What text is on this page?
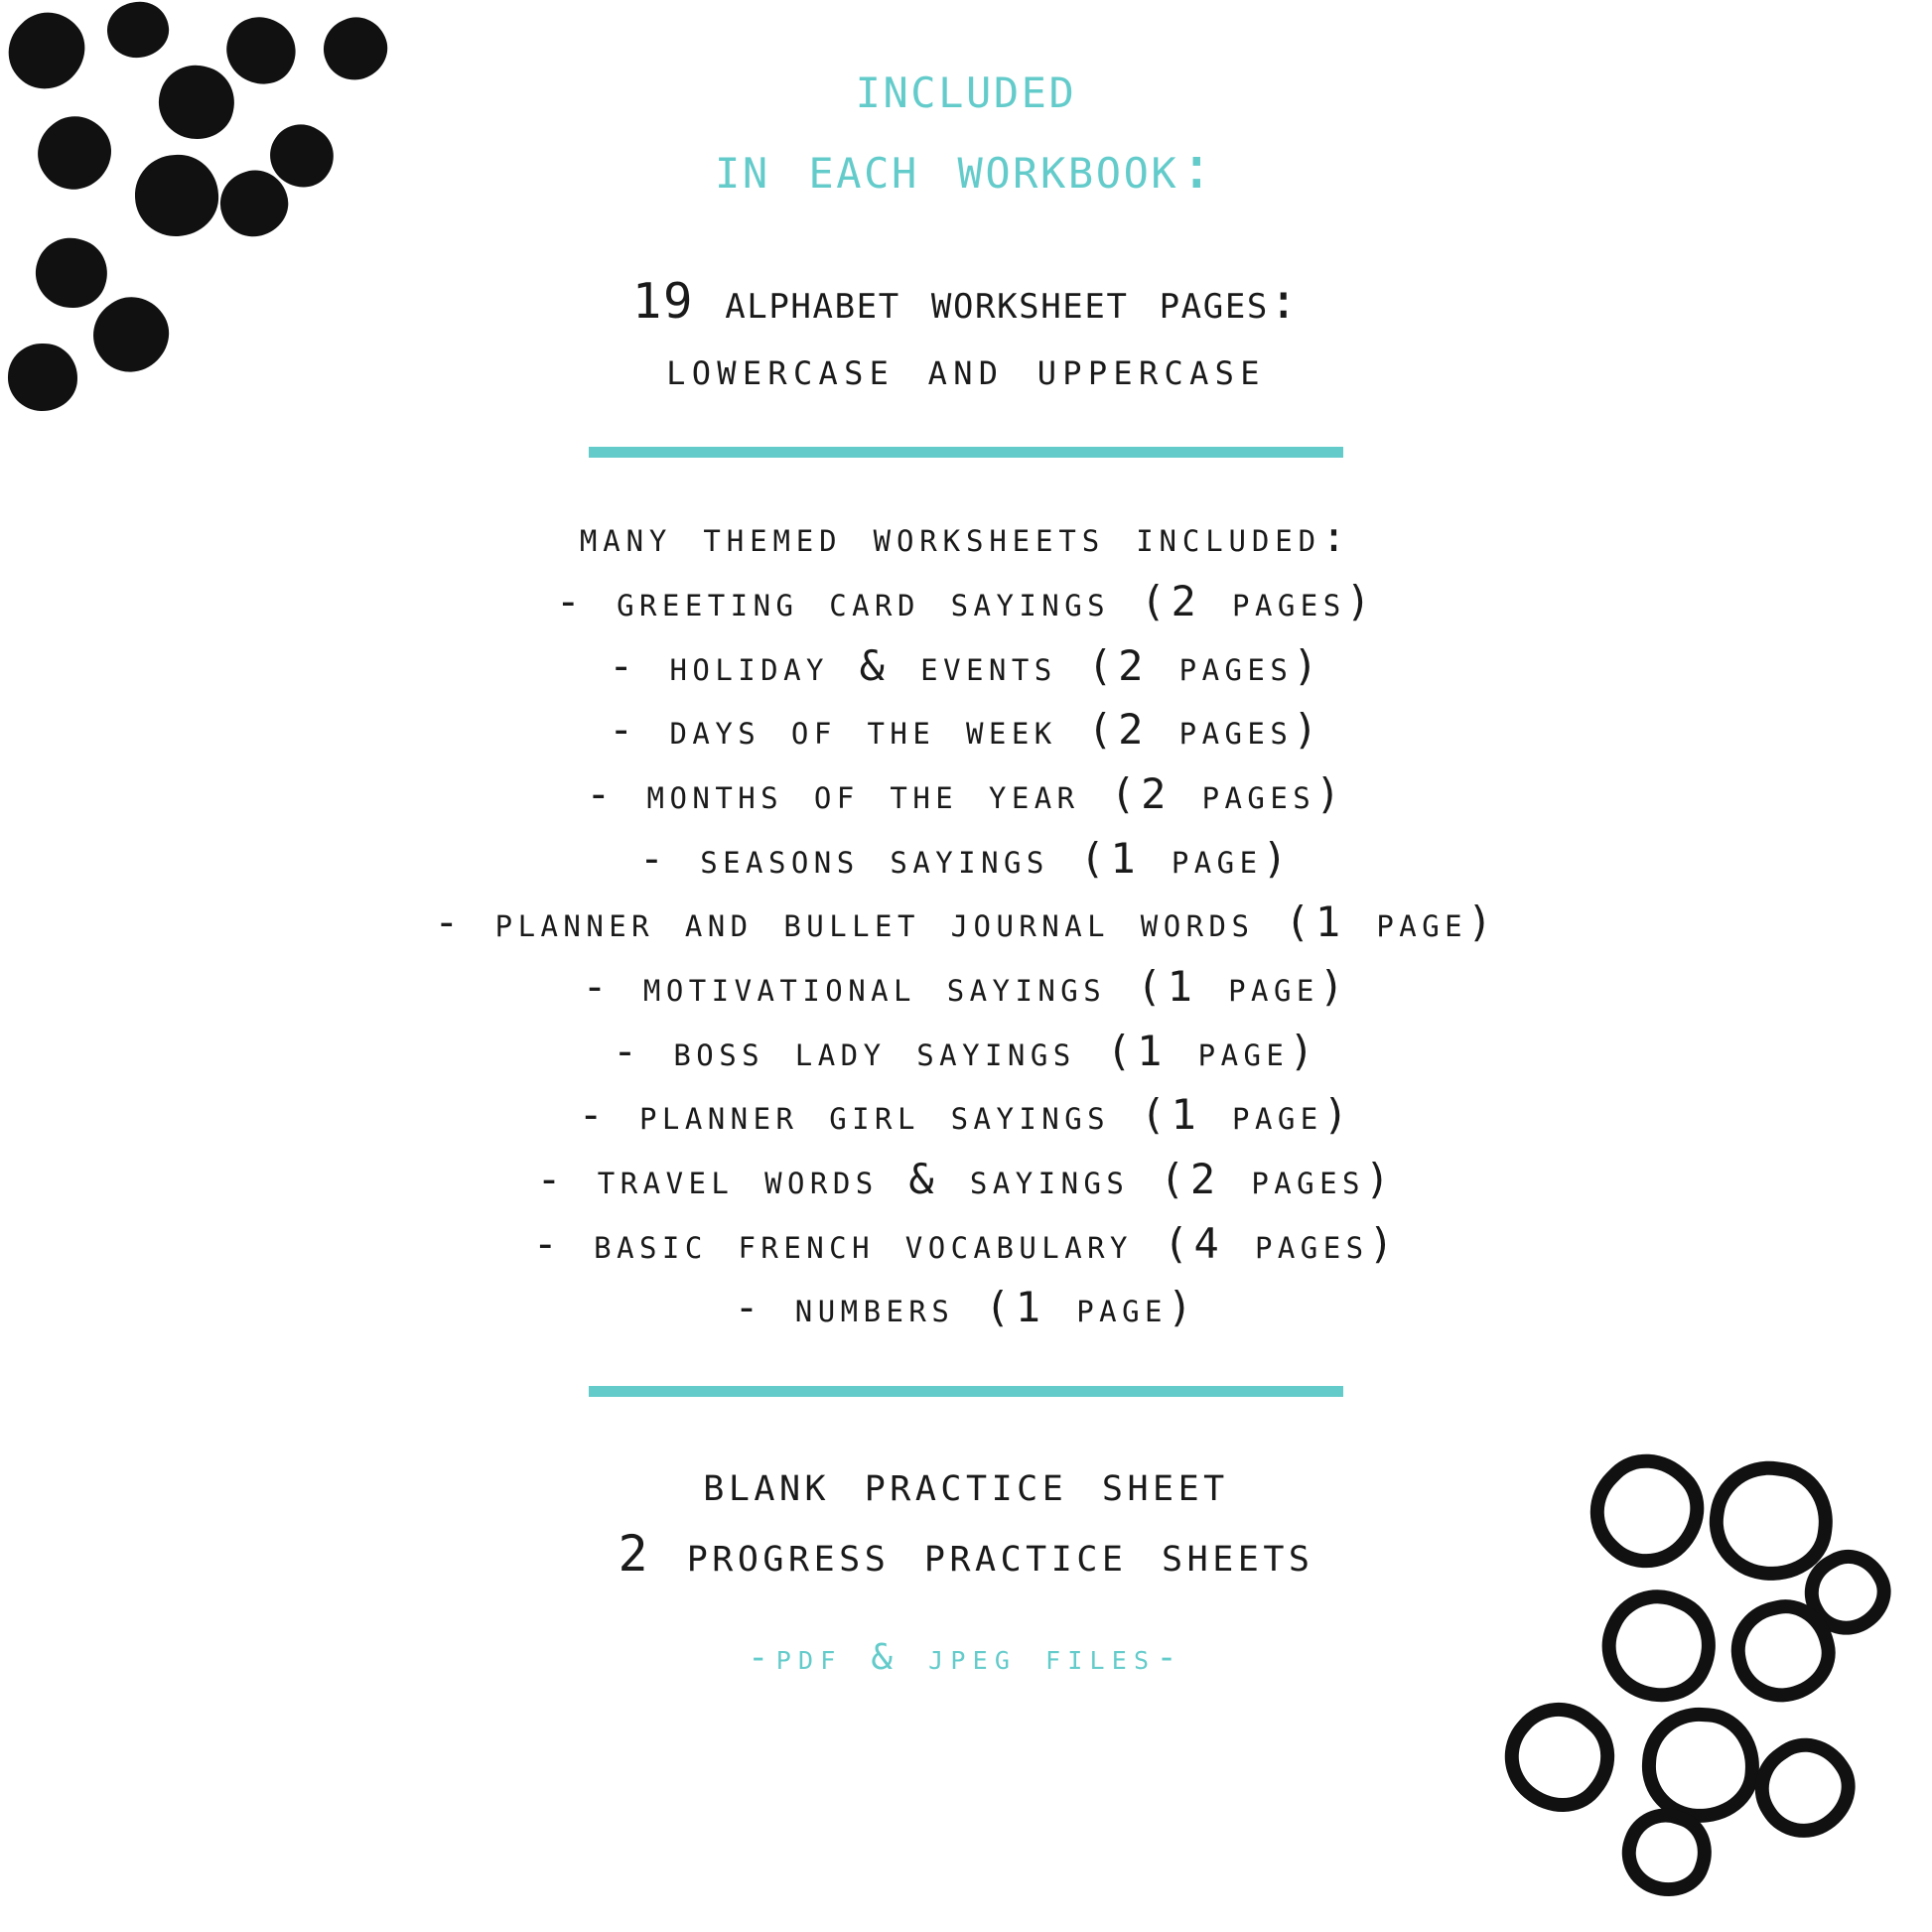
included
in each workbook:
19 alphabet worksheet pages:
lowercase and uppercase
many themed worksheets included:
- greeting card sayings (2 pages)
- holiday & events (2 pages)
- days of the week (2 pages)
- months of the year (2 pages)
- seasons sayings (1 page)
- planner and bullet journal words (1 page)
- motivational sayings (1 page)
- boss lady sayings (1 page)
- planner girl sayings (1 page)
- travel words & sayings (2 pages)
- basic french vocabulary (4 pages)
- numbers (1 page)
blank practice sheet
2 progress practice sheets
-pdf & jpeg files-
